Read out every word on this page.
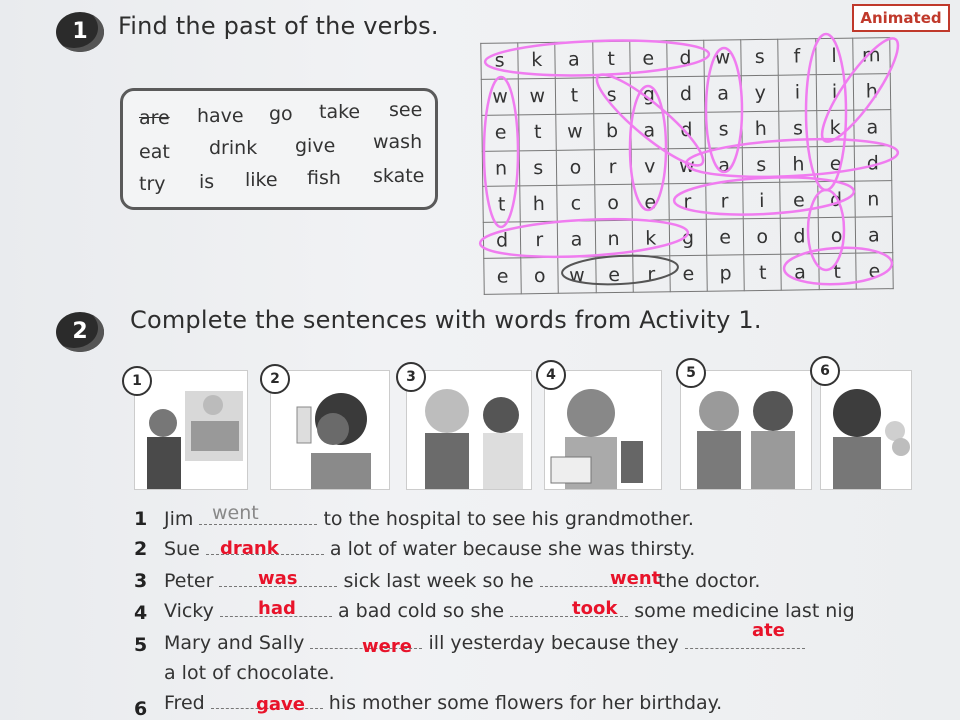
Animated
1	Find the past of the verbs.
are have go take see
eat drink give wash
try is like fish skate
s	k	a	t	e	d	w	s	f	l	m
w	w	t	s	g	d	a	y	i	i	h
e	t	w	b	a	d	s	h	s	k	a
n	s	o	r	v	w	a	s	h	e	d
t	h	c	o	e	r	r	i	e	d	n
d	r	a	n	k	g	e	o	d	o	a
e	o	w	e	r	e	p	t	a	t	e
2	Complete the sentences with words from Activity 1.
1	2	3	4	5	6
1 Jim	to the hospital to see his grandmother.
2 Sue	a lot of water because she was thirsty.
3 Peter	sick last week so he	the doctor.
4 Vicky	a bad cold so she	some medicine last nig
5 Mary and Sally	ill yesterday because they
a lot of chocolate.
6 Fred	his mother some flowers for her birthday.
went
drank
was	went
had	took
ate
were
gave
